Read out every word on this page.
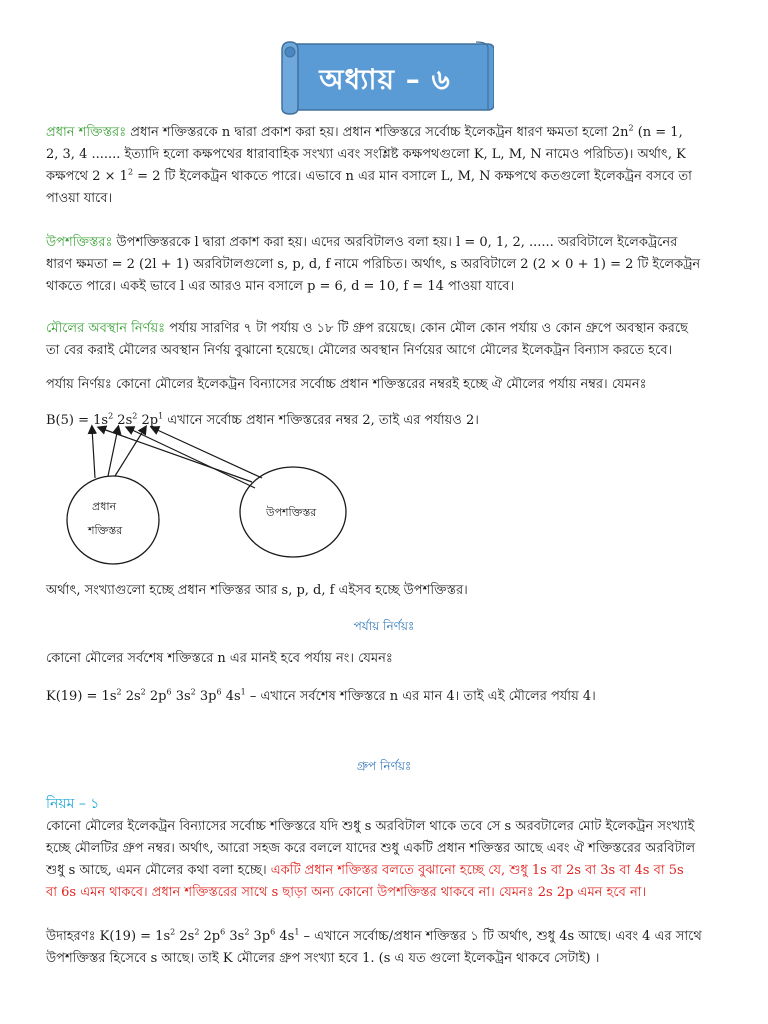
অধ্যায় – ৬
প্রধান শক্তিস্তরঃ প্রধান শক্তিস্তরকে n দ্বারা প্রকাশ করা হয়। প্রধান শক্তিস্তরে সর্বোচ্চ ইলেকট্রন ধারণ ক্ষমতা হলো $2n^2$ (n = 1,
2, 3, 4 ....... ইত্যাদি হলো কক্ষপথের ধারাবাহিক সংখ্যা এবং সংশ্লিষ্ট কক্ষপথগুলো K, L, M, N নামেও পরিচিত)। অর্থাৎ, K
কক্ষপথে $2 \times 1^2 = 2$ টি ইলেকট্রন থাকতে পারে। এভাবে n এর মান বসালে L, M, N কক্ষপথে কতগুলো ইলেকট্রন বসবে তা
পাওয়া যাবে।
উপশক্তিস্তরঃ উপশক্তিস্তরকে l দ্বারা প্রকাশ করা হয়। এদের অরবিটালও বলা হয়। l = 0, 1, 2, ...... অরবিটালে ইলেকট্রনের
ধারণ ক্ষমতা = 2 (2l + 1) অরবিটালগুলো s, p, d, f নামে পরিচিত। অর্থাৎ, s অরবিটালে 2 (2 × 0 + 1) = 2 টি ইলেকট্রন
থাকতে পারে। একই ভাবে l এর আরও মান বসালে p = 6, d = 10, f = 14 পাওয়া যাবে।
মৌলের অবস্থান নির্ণয়ঃ পর্যায় সারণির ৭ টা পর্যায় ও ১৮ টি গ্রুপ রয়েছে। কোন মৌল কোন পর্যায় ও কোন গ্রুপে অবস্থান করছে
তা বের করাই মৌলের অবস্থান নির্ণয় বুঝানো হয়েছে। মৌলের অবস্থান নির্ণয়ের আগে মৌলের ইলেকট্রন বিন্যাস করতে হবে।
পর্যায় নির্ণয়ঃ কোনো মৌলের ইলেকট্রন বিন্যাসের সর্বোচ্চ প্রধান শক্তিস্তরের নম্বরই হচ্ছে ঐ মৌলের পর্যায় নম্বর। যেমনঃ
$B(5) = 1s^2$ $2s^2$ $2p^1$ এখানে সর্বোচ্চ প্রধান শক্তিস্তরের নম্বর 2, তাই এর পর্যায়ও 2।
প্রধান
শক্তিস্তর
উপশক্তিস্তর
অর্থাৎ, সংখ্যাগুলো হচ্ছে প্রধান শক্তিস্তর আর s, p, d, f এইসব হচ্ছে উপশক্তিস্তর।
পর্যায় নির্ণয়ঃ
কোনো মৌলের সর্বশেষ শক্তিস্তরে n এর মানই হবে পর্যায় নং। যেমনঃ
$K(19) = 1s^2$ $2s^2$ $2p^6$ $3s^2$ $3p^6$ $4s^1$ – এখানে সর্বশেষ শক্তিস্তরে n এর মান 4। তাই এই মৌলের পর্যায় 4।
গ্রুপ নির্ণয়ঃ
নিয়ম – ১
কোনো মৌলের ইলেকট্রন বিন্যাসের সর্বোচ্চ শক্তিস্তরে যদি শুধু s অরবিটাল থাকে তবে সে s অরবটালের মোট ইলেকট্রন সংখ্যাই
হচ্ছে মৌলটির গ্রুপ নম্বর। অর্থাৎ, আরো সহজ করে বললে যাদের শুধু একটি প্রধান শক্তিস্তর আছে এবং ঐ শক্তিস্তরের অরবিটাল
শুধু s আছে, এমন মৌলের কথা বলা হচ্ছে। একটি প্রধান শক্তিস্তর বলতে বুঝানো হচ্ছে যে, শুধু 1s বা 2s বা 3s বা 4s বা 5s
বা 6s এমন থাকবে। প্রধান শক্তিস্তরের সাথে s ছাড়া অন্য কোনো উপশক্তিস্তর থাকবে না। যেমনঃ 2s 2p এমন হবে না।
উদাহরণঃ $K(19) = 1s^2$ $2s^2$ $2p^6$ $3s^2$ $3p^6$ $4s^1$ – এখানে সর্বোচ্চ/প্রধান শক্তিস্তর ১ টি অর্থাৎ, শুধু 4s আছে। এবং 4 এর সাথে
উপশক্তিস্তর হিসেবে s আছে। তাই K মৌলের গ্রুপ সংখ্যা হবে 1. (s এ যত গুলো ইলেকট্রন থাকবে সেটাই) ।
